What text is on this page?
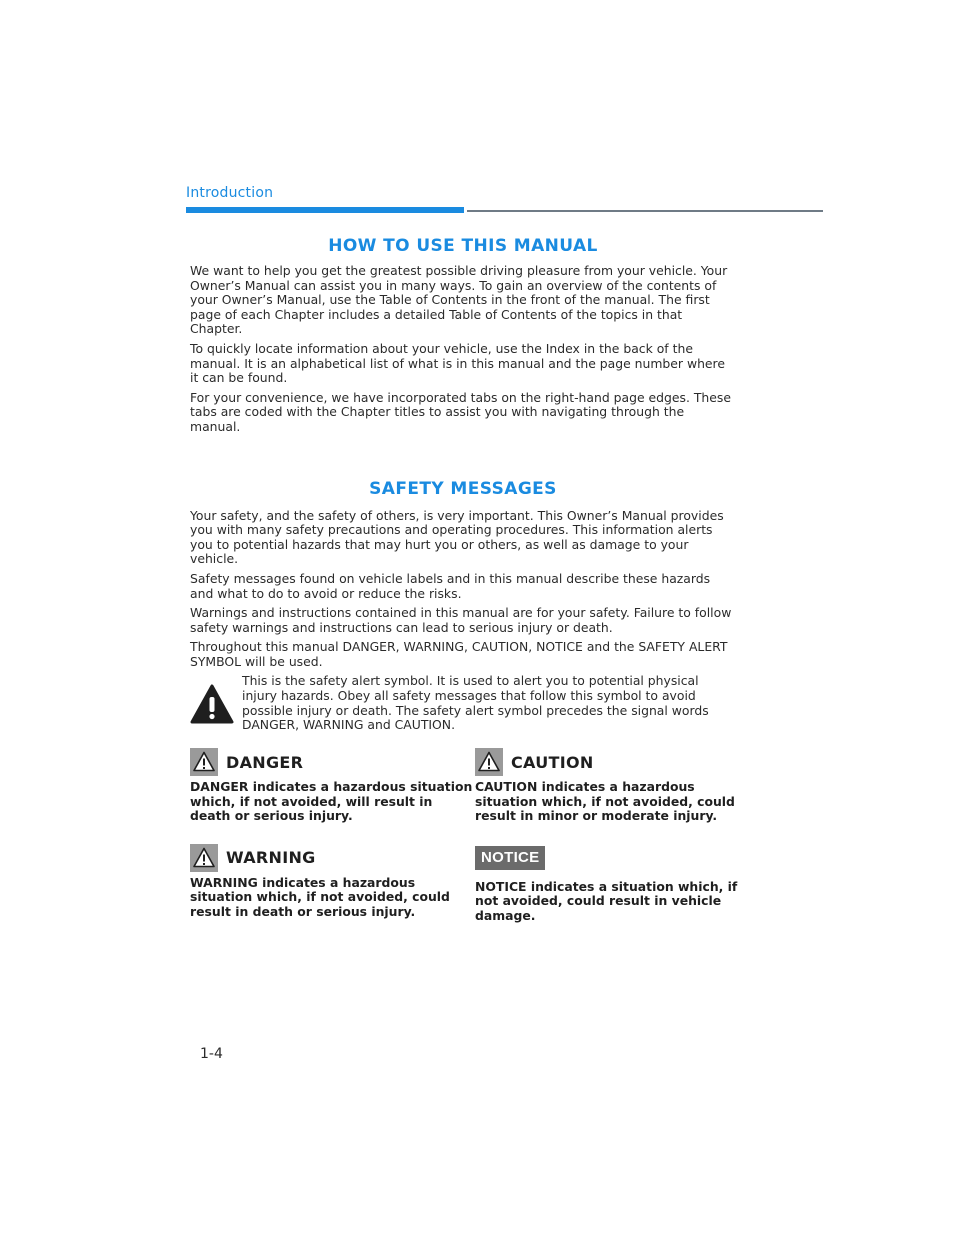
Introduction
HOW TO USE THIS MANUAL

We want to help you get the greatest possible driving pleasure from your vehicle. Your Owner’s Manual can assist you in many ways. To gain an overview of the contents of your Owner’s Manual, use the Table of Contents in the front of the manual. The first page of each Chapter includes a detailed Table of Contents of the topics in that Chapter.

To quickly locate information about your vehicle, use the Index in the back of the manual. It is an alphabetical list of what is in this manual and the page number where it can be found.

For your convenience, we have incorporated tabs on the right-hand page edges. These tabs are coded with the Chapter titles to assist you with navigating through the manual.

SAFETY MESSAGES

Your safety, and the safety of others, is very important. This Owner’s Manual provides you with many safety precautions and operating procedures. This information alerts you to potential hazards that may hurt you or others, as well as damage to your vehicle.

Safety messages found on vehicle labels and in this manual describe these hazards and what to do to avoid or reduce the risks.

Warnings and instructions contained in this manual are for your safety. Failure to follow safety warnings and instructions can lead to serious injury or death.

Throughout this manual DANGER, WARNING, CAUTION, NOTICE and the SAFETY ALERT SYMBOL will be used.

This is the safety alert symbol. It is used to alert you to potential physical injury hazards. Obey all safety messages that follow this symbol to avoid possible injury or death. The safety alert symbol precedes the signal words DANGER, WARNING and CAUTION.

DANGER

DANGER indicates a hazardous situation which, if not avoided, will result in death or serious injury.

CAUTION

CAUTION indicates a hazardous situation which, if not avoided, could result in minor or moderate injury.

WARNING

WARNING indicates a hazardous situation which, if not avoided, could result in death or serious injury.

NOTICE

NOTICE indicates a situation which, if not avoided, could result in vehicle damage.

1-4
